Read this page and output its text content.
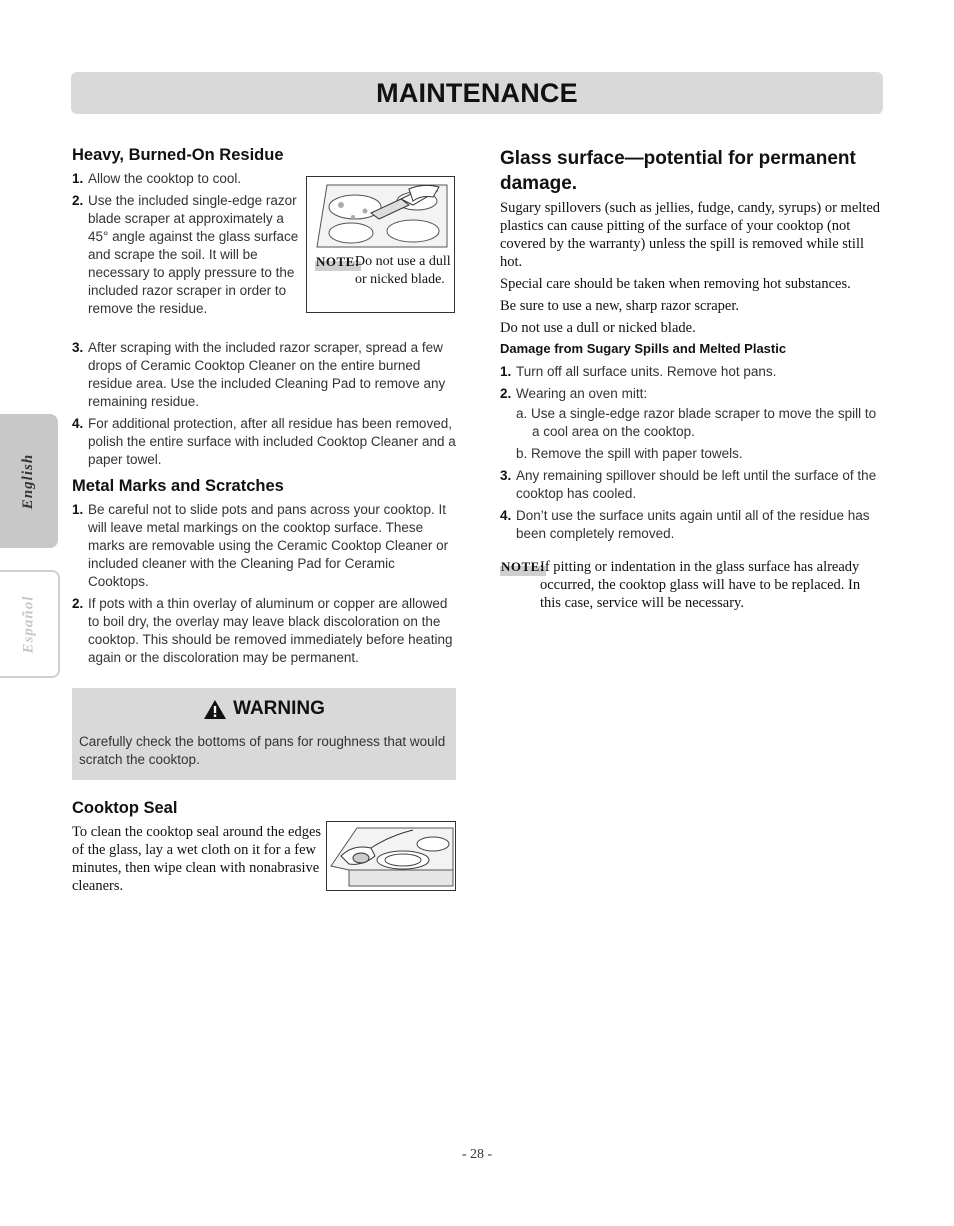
MAINTENANCE
English
Español
Heavy, Burned-On Residue
1. Allow the cooktop to cool.
2. Use the included single-edge razor blade scraper at approximately a 45° angle against the glass surface and scrape the soil. It will be necessary to apply pressure to the included razor scraper in order to remove the residue.
NOTE:
Do not use a dull or nicked blade.
3. After scraping with the included razor scraper, spread a few drops of Ceramic Cooktop Cleaner on the entire burned residue area. Use the included Cleaning Pad to remove any remaining residue.
4. For additional protection, after all residue has been removed, polish the entire surface with included Cooktop Cleaner and a paper towel.
Metal Marks and Scratches
1. Be careful not to slide pots and pans across your cooktop. It will leave metal markings on the cooktop surface. These marks are removable using the Ceramic Cooktop Cleaner or included cleaner with the Cleaning Pad for Ceramic Cooktops.
2. If pots with a thin overlay of aluminum or copper are allowed to boil dry, the overlay may leave black discoloration on the cooktop. This should be removed immediately before heating again or the discoloration may be permanent.
WARNING
Carefully check the bottoms of pans for roughness that would scratch the cooktop.
Cooktop Seal
To clean the cooktop seal around the edges of the glass, lay a wet cloth on it for a few minutes, then wipe clean with nonabrasive cleaners.
Glass surface—potential for permanent damage.

Sugary spillovers (such as jellies, fudge, candy, syrups) or melted plastics can cause pitting of the surface of your cooktop (not covered by the warranty) unless the spill is removed while still hot.

Special care should be taken when removing hot substances.

Be sure to use a new, sharp razor scraper.

Do not use a dull or nicked blade.

Damage from Sugary Spills and Melted Plastic
1. Turn off all surface units. Remove hot pans.
2. Wearing an oven mitt:
a. Use a single-edge razor blade scraper to move the spill to a cool area on the cooktop.
b. Remove the spill with paper towels.
3. Any remaining spillover should be left until the surface of the cooktop has cooled.
4. Don’t use the surface units again until all of the residue has been completely removed.
NOTE:
If pitting or indentation in the glass surface has already occurred, the cooktop glass will have to be replaced. In this case, service will be necessary.
- 28 -
